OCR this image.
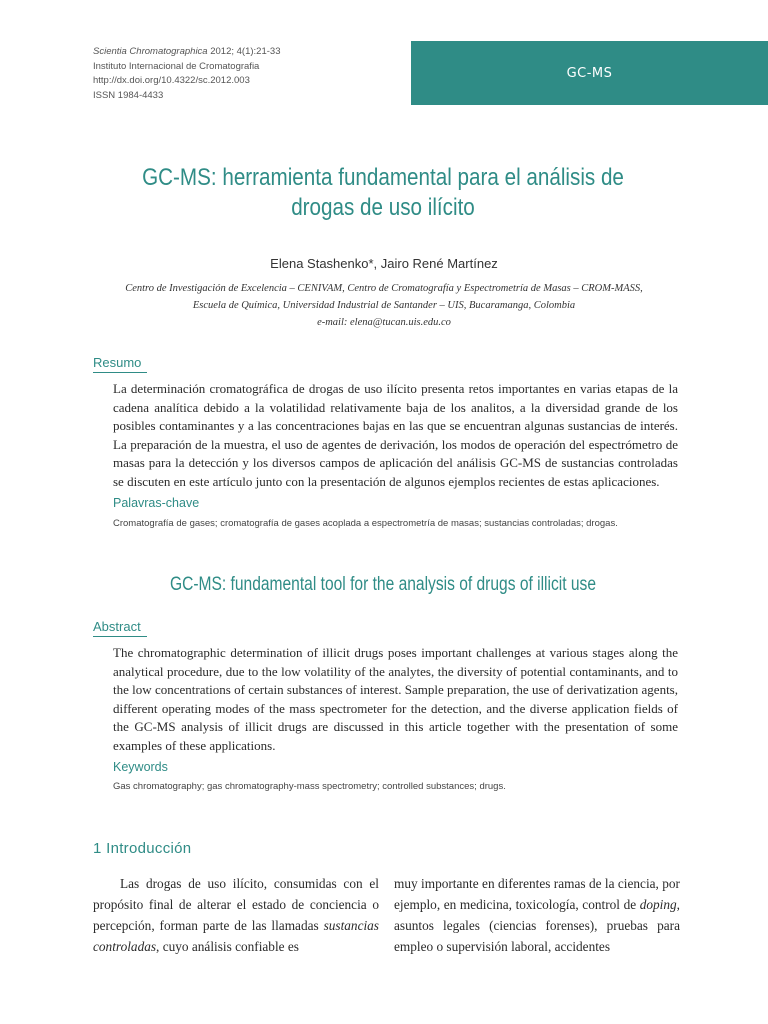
Scientia Chromatographica 2012; 4(1):21-33
Instituto Internacional de Cromatografia
http://dx.doi.org/10.4322/sc.2012.003
ISSN 1984-4433
GC-MS
GC-MS: herramienta fundamental para el análisis de
drogas de uso ilícito
Elena Stashenko*, Jairo René Martínez
Centro de Investigación de Excelencia – CENIVAM, Centro de Cromatografía y Espectrometría de Masas – CROM-MASS,
Escuela de Química, Universidad Industrial de Santander – UIS, Bucaramanga, Colombia
e-mail: elena@tucan.uis.edu.co
Resumo

La determinación cromatográfica de drogas de uso ilícito presenta retos importantes en varias etapas de la cadena analítica debido a la volatilidad relativamente baja de los analitos, a la diversidad grande de los posibles contaminantes y a las concentraciones bajas en las que se encuentran algunas sustancias de interés. La preparación de la muestra, el uso de agentes de derivación, los modos de operación del espectrómetro de masas para la detección y los diversos campos de aplicación del análisis GC-MS de sustancias controladas se discuten en este artículo junto con la presentación de algunos ejemplos recientes de estas aplicaciones.

Palavras-chave

Cromatografía de gases; cromatografía de gases acoplada a espectrometría de masas; sustancias controladas; drogas.

GC-MS: fundamental tool for the analysis of drugs of illicit use
Abstract

The chromatographic determination of illicit drugs poses important challenges at various stages along the analytical procedure, due to the low volatility of the analytes, the diversity of potential contaminants, and to the low concentrations of certain substances of interest. Sample preparation, the use of derivatization agents, different operating modes of the mass spectrometer for the detection, and the diverse application fields of the GC-MS analysis of illicit drugs are discussed in this article together with the presentation of some examples of these applications.

Keywords

Gas chromatography; gas chromatography-mass spectrometry; controlled substances; drugs.

1 Introducción

Las drogas de uso ilícito, consumidas con el propósito final de alterar el estado de conciencia o percepción, forman parte de las llamadas sustancias controladas, cuyo análisis confiable es

muy importante en diferentes ramas de la ciencia, por ejemplo, en medicina, toxicología, control de doping, asuntos legales (ciencias forenses), pruebas para empleo o supervisión laboral, accidentes
